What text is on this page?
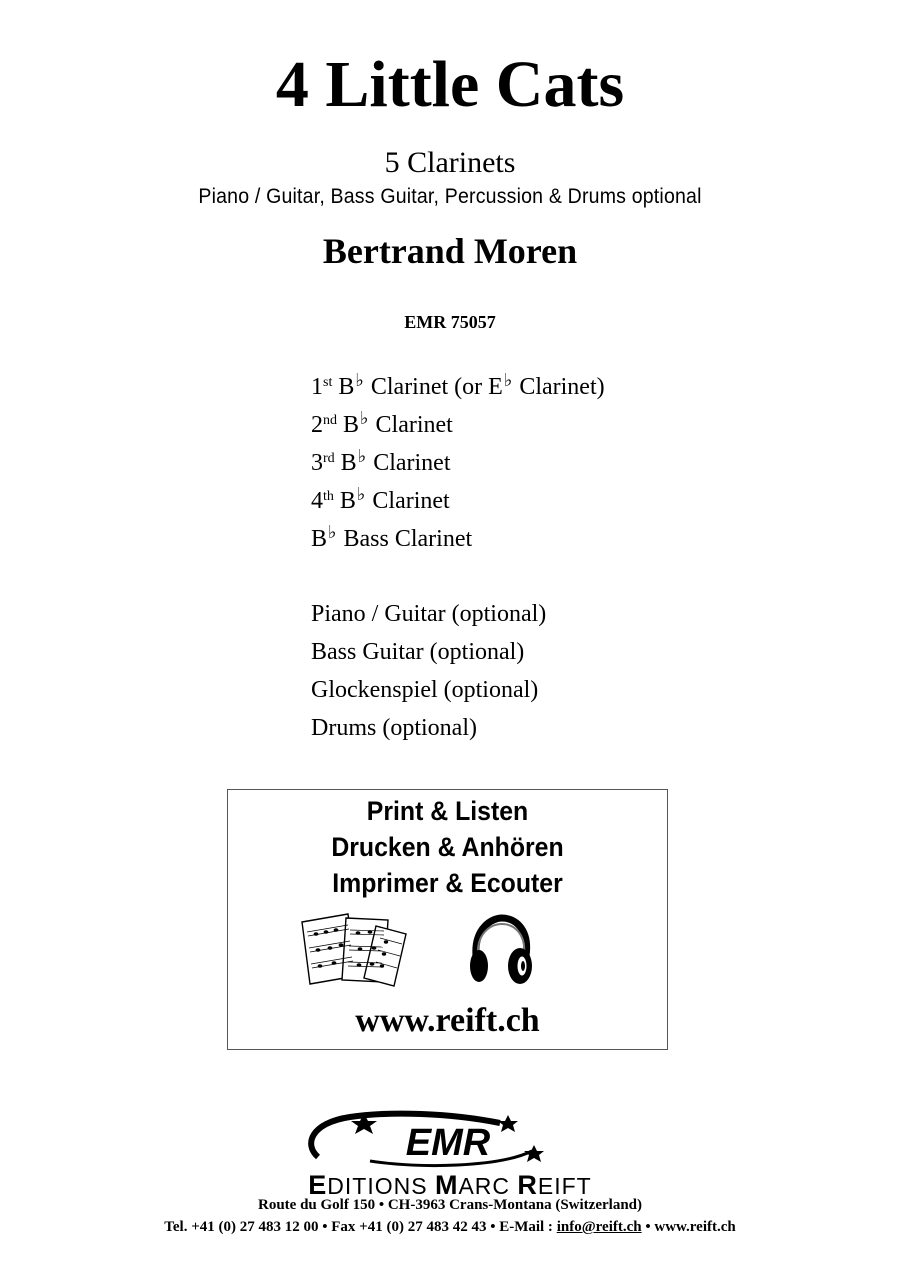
4 Little Cats
5 Clarinets
Piano / Guitar, Bass Guitar, Percussion & Drums optional
Bertrand Moren
EMR 75057
1st B♭ Clarinet (or E♭ Clarinet)
2nd B♭ Clarinet
3rd B♭ Clarinet
4th B♭ Clarinet
B♭ Bass Clarinet
Piano / Guitar (optional)
Bass Guitar (optional)
Glockenspiel (optional)
Drums (optional)
Print & Listen
Drucken & Anhören
Imprimer & Ecouter
www.reift.ch
EMR
EDITIONS MARC REIFT
Route du Golf 150 • CH-3963 Crans-Montana (Switzerland)
Tel. +41 (0) 27 483 12 00 • Fax +41 (0) 27 483 42 43 • E-Mail : info@reift.ch • www.reift.ch
